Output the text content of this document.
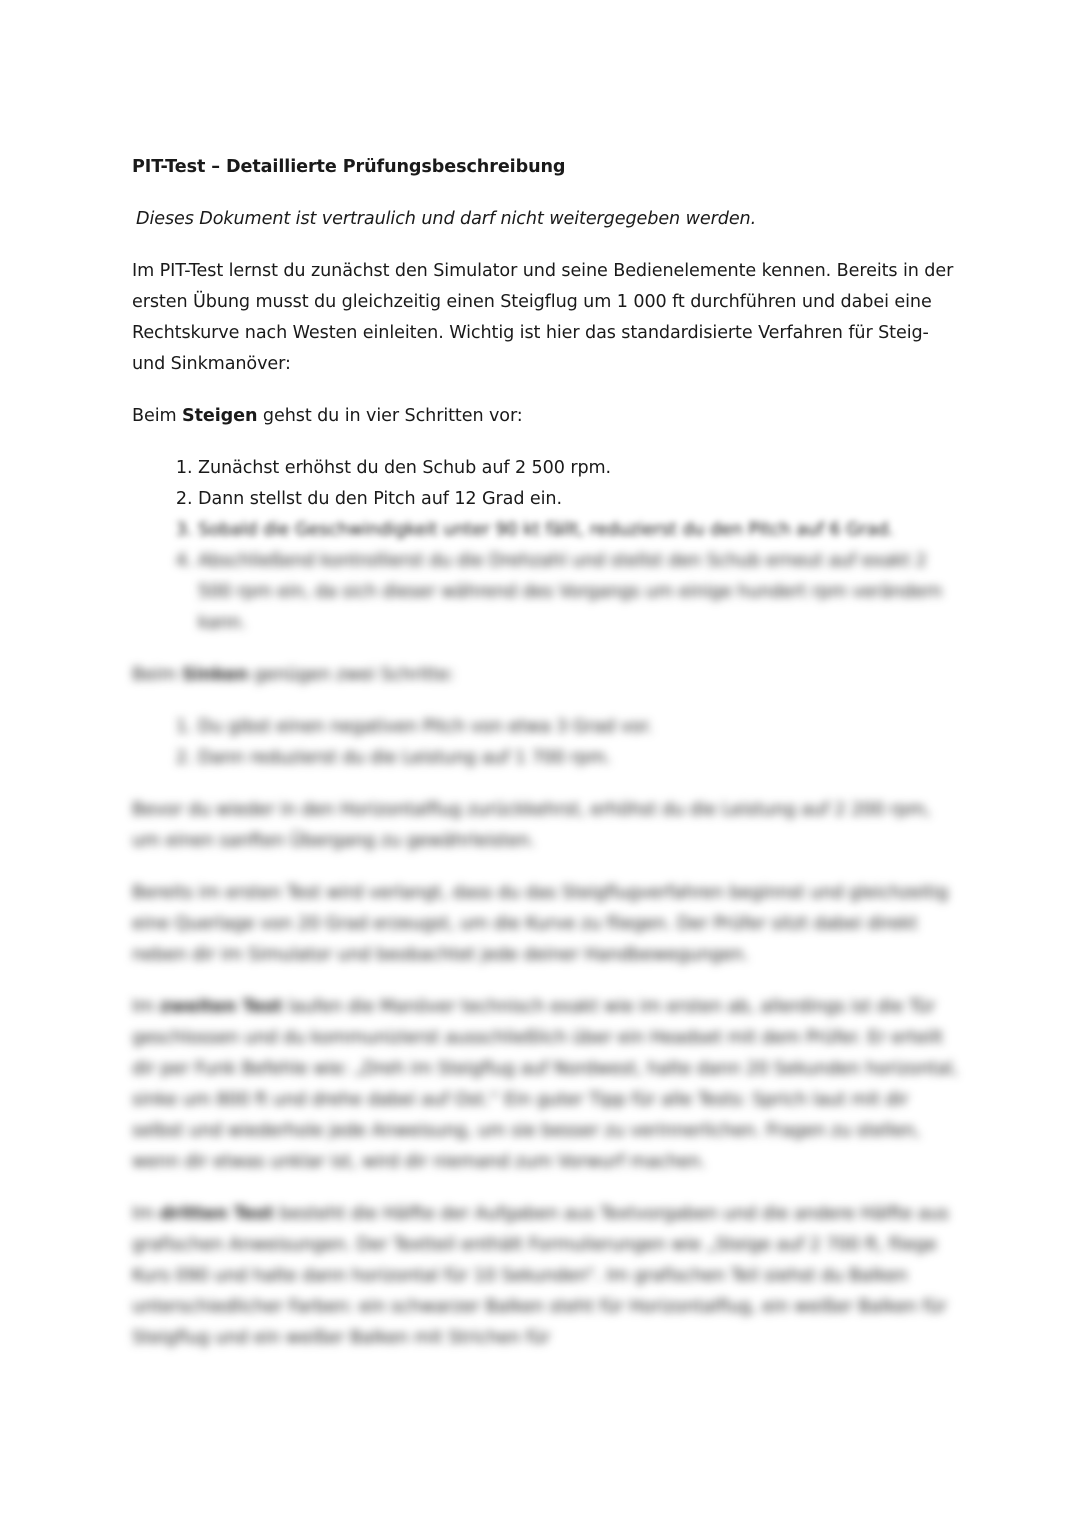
PIT-Test – Detaillierte Prüfungsbeschreibung

Dieses Dokument ist vertraulich und darf nicht weitergegeben werden.

Im PIT-Test lernst du zunächst den Simulator und seine Bedienelemente kennen. Bereits in der ersten Übung musst du gleichzeitig einen Steigflug um 1 000 ft durchführen und dabei eine Rechtskurve nach Westen einleiten. Wichtig ist hier das standardisierte Verfahren für Steig- und Sinkmanöver:

Beim Steigen gehst du in vier Schritten vor:

1. Zunächst erhöhst du den Schub auf 2 500 rpm.
2. Dann stellst du den Pitch auf 12 Grad ein.
3. Sobald die Geschwindigkeit unter 90 kt fällt, reduzierst du den Pitch auf 6 Grad.
4. Abschließend kontrollierst du die Drehzahl und stellst den Schub erneut auf exakt 2 500 rpm ein, da sich dieser während des Vorgangs um einige hundert rpm verändern kann.

Beim Sinken genügen zwei Schritte:

1. Du gibst einen negativen Pitch von etwa 3 Grad vor.
2. Dann reduzierst du die Leistung auf 1 700 rpm.

Bevor du wieder in den Horizontalflug zurückkehrst, erhöhst du die Leistung auf 2 200 rpm, um einen sanften Übergang zu gewährleisten.

Bereits im ersten Test wird verlangt, dass du das Steigflugverfahren beginnst und gleichzeitig eine Querlage von 20 Grad erzeugst, um die Kurve zu fliegen. Der Prüfer sitzt dabei direkt neben dir im Simulator und beobachtet jede deiner Handbewegungen.

Im zweiten Test laufen die Manöver technisch exakt wie im ersten ab, allerdings ist die Tür geschlossen und du kommunizierst ausschließlich über ein Headset mit dem Prüfer. Er erteilt dir per Funk Befehle wie: „Dreh im Steigflug auf Nordwest, halte dann 20 Sekunden horizontal, sinke um 800 ft und drehe dabei auf Ost.“ Ein guter Tipp für alle Tests: Sprich laut mit dir selbst und wiederhole jede Anweisung, um sie besser zu verinnerlichen. Fragen zu stellen, wenn dir etwas unklar ist, wird dir niemand zum Vorwurf machen.

Im dritten Test besteht die Hälfte der Aufgaben aus Textvorgaben und die andere Hälfte aus grafischen Anweisungen. Der Textteil enthält Formulierungen wie „Steige auf 2 700 ft, fliege Kurs 090 und halte dann horizontal für 10 Sekunden“. Im grafischen Teil siehst du Balken unterschiedlicher Farben: ein schwarzer Balken steht für Horizontalflug, ein weißer Balken für Steigflug und ein weißer Balken mit Strichen für
